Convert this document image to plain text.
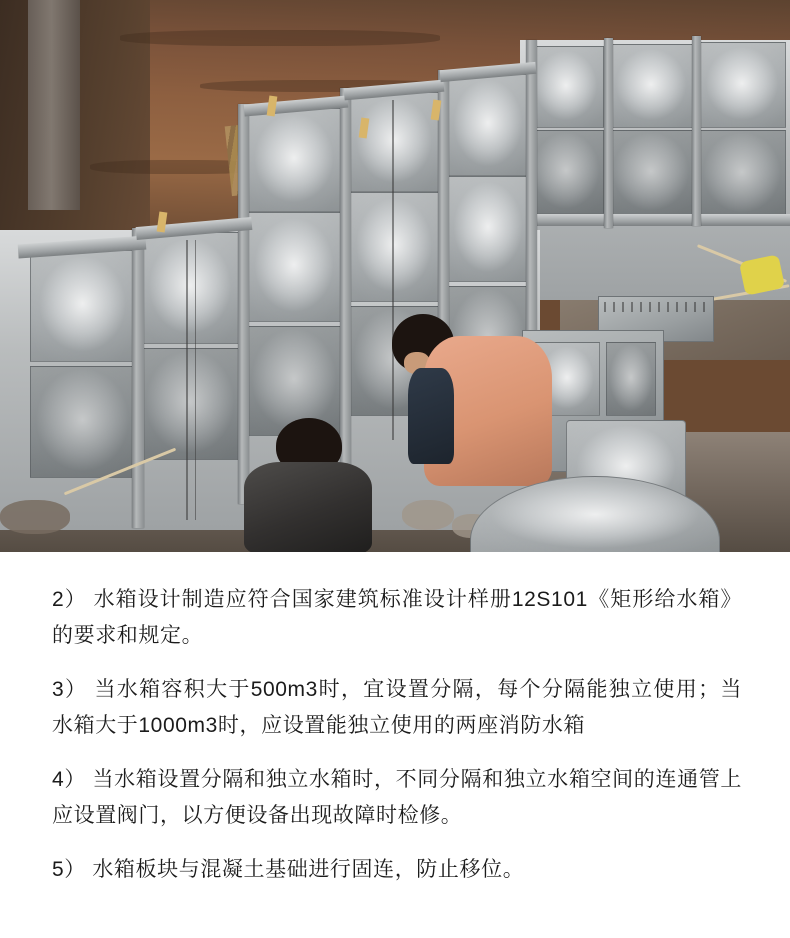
2） 水箱设计制造应符合国家建筑标准设计样册12S101《矩形给水箱》的要求和规定。

3） 当水箱容积大于500m3时，宜设置分隔，每个分隔能独立使用；当水箱大于1000m3时，应设置能独立使用的两座消防水箱

4） 当水箱设置分隔和独立水箱时，不同分隔和独立水箱空间的连通管上应设置阀门，以方便设备出现故障时检修。

5） 水箱板块与混凝土基础进行固连，防止移位。
